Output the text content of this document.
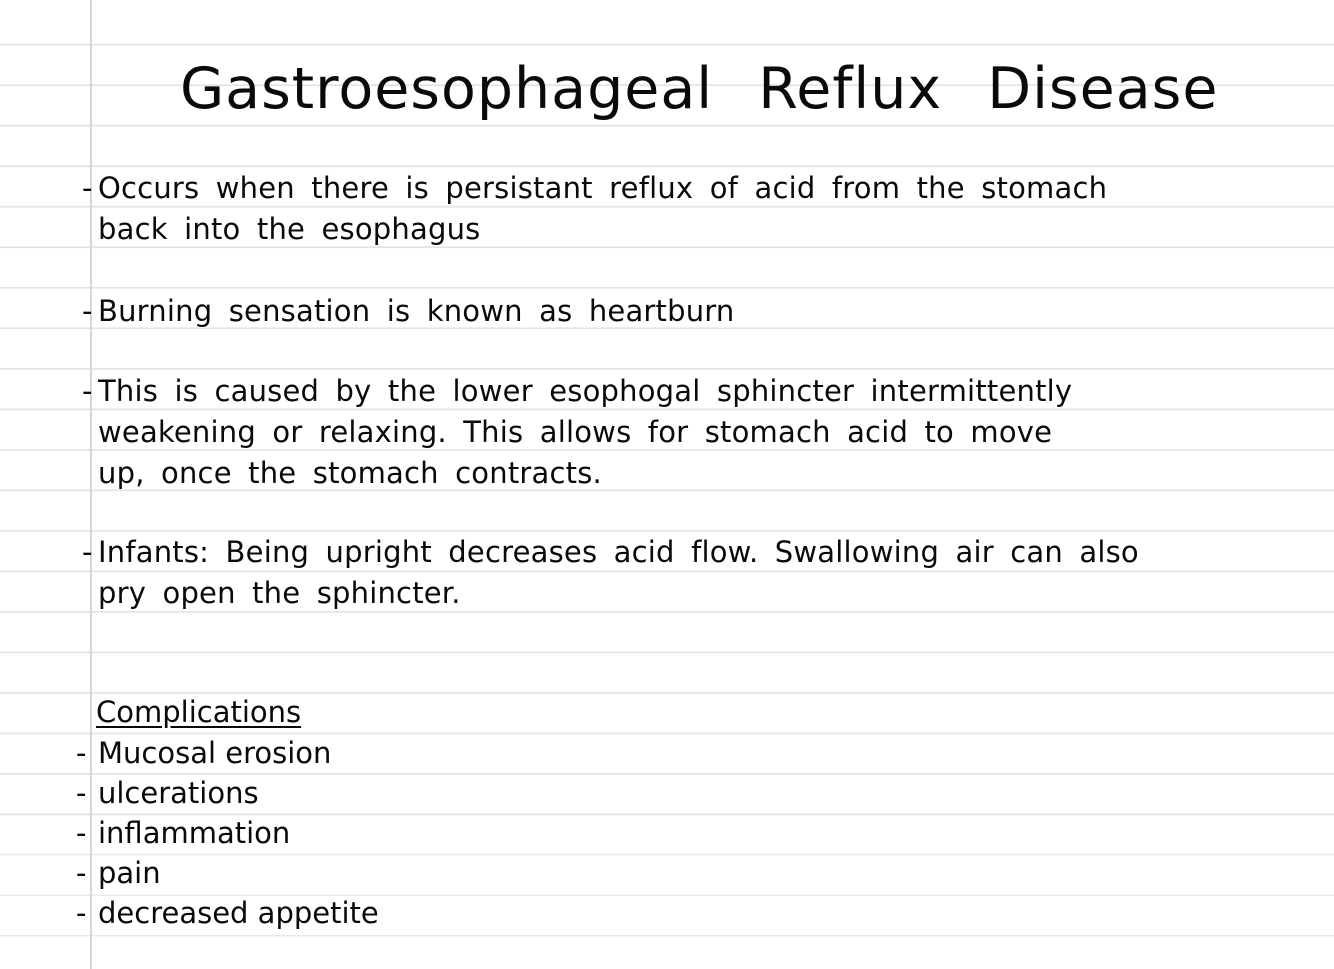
Gastroesophageal Reflux Disease
- Occurs when there is persistant reflux of acid from the stomach
back into the esophagus
- Burning sensation is known as heartburn
- This is caused by the lower esophogal sphincter intermittently
weakening or relaxing. This allows for stomach acid to move
up, once the stomach contracts.
- Infants: Being upright decreases acid flow. Swallowing air can also
pry open the sphincter.
Complications
- Mucosal erosion
- ulcerations
- inflammation
- pain
- decreased appetite
